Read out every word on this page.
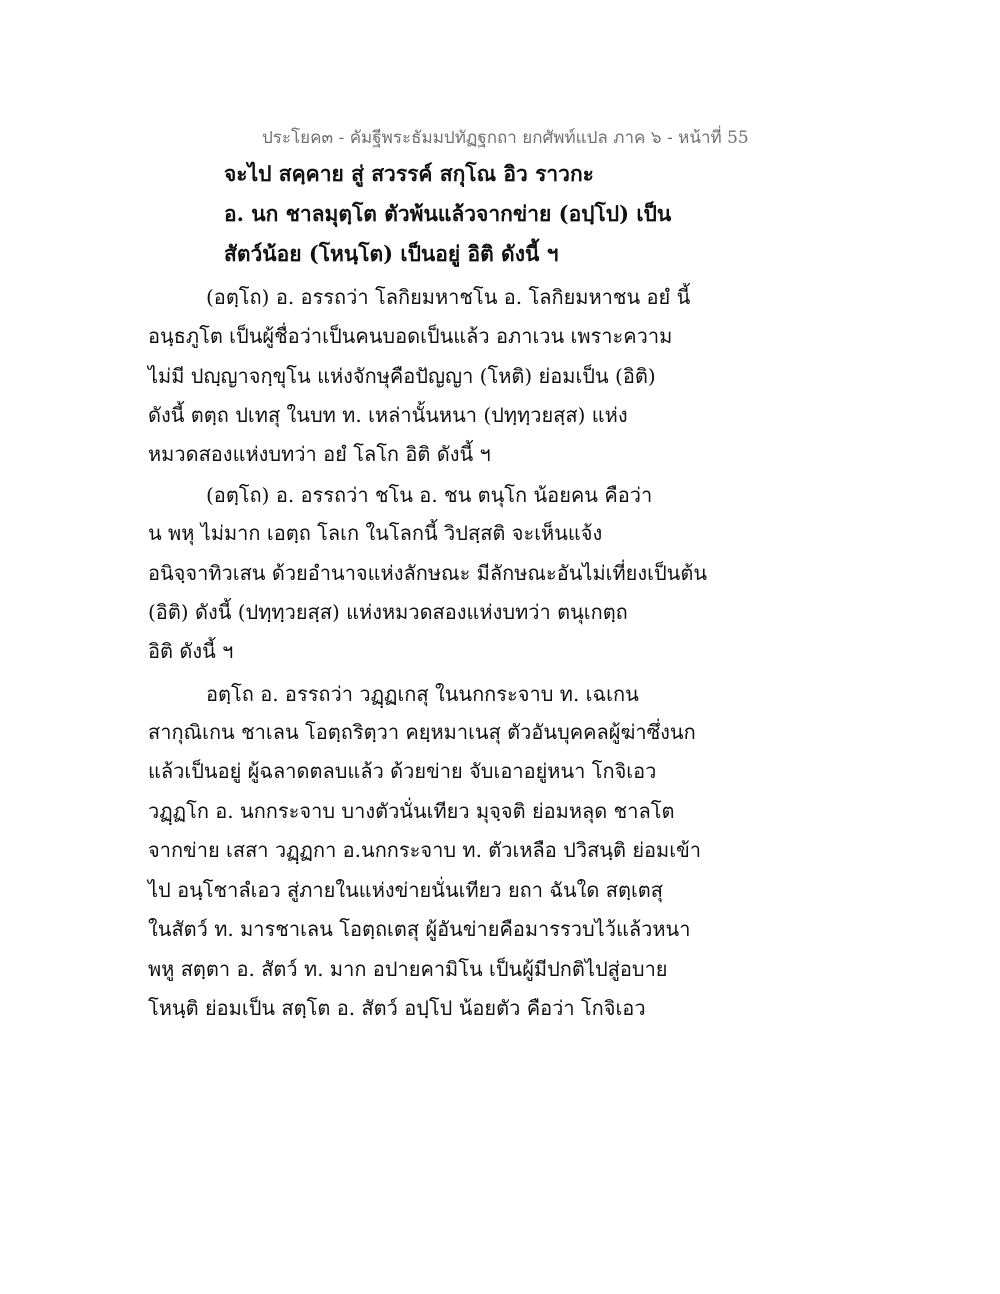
ประโยค๓ - คัมฐีพระธัมมปทัฏฐกถา ยกศัพท์แปล ภาค ๖ - หน้าที่ 55
จะไป สคฺคาย สู่ สวรรค์ สกุโณ อิว ราวกะ
อ. นก ชาลมุตฺโต ตัวพ้นแล้วจากข่าย (อปฺโป) เป็น
สัตว์น้อย (โหนฺโต) เป็นอยู่ อิติ ดังนี้ ฯ
(อตฺโถ) อ. อรรถว่า โลกิยมหาชโน อ. โลกิยมหาชน อยํ นี้
อนฺธภูโต เป็นผู้ชื่อว่าเป็นคนบอดเป็นแล้ว อภาเวน เพราะความ
ไม่มี ปญฺญาจกฺขุโน แห่งจักษุคือปัญญา (โหติ) ย่อมเป็น (อิติ)
ดังนี้ ตตฺถ ปเทสุ ในบท ท. เหล่านั้นหนา (ปทฺทฺวยสฺส) แห่ง
หมวดสองแห่งบทว่า อยํ โลโก อิติ ดังนี้ ฯ
(อตฺโถ) อ. อรรถว่า ชโน อ. ชน ตนุโก น้อยคน คือว่า
น พหุ ไม่มาก เอตฺถ โลเก ในโลกนี้ วิปสฺสติ จะเห็นแจ้ง
อนิจฺจาทิวเสน ด้วยอำนาจแห่งลักษณะ มีลักษณะอันไม่เที่ยงเป็นต้น
(อิติ) ดังนี้ (ปทฺทฺวยสฺส) แห่งหมวดสองแห่งบทว่า ตนุเกตฺถ
อิติ ดังนี้ ฯ
อตฺโถ อ. อรรถว่า วฏฺฏเกสุ ในนกกระจาบ ท. เฉเกน
สากุณิเกน ชาเลน โอตฺถริตฺวา คยฺหมาเนสุ ตัวอันบุคคลผู้ฆ่าซึ่งนก
แล้วเป็นอยู่ ผู้ฉลาดตลบแล้ว ด้วยข่าย จับเอาอยู่หนา โกจิเอว
วฏฺฏโก อ. นกกระจาบ บางตัวนั่นเทียว มุจฺจติ ย่อมหลุด ชาลโต
จากข่าย เสสา วฏฺฏกา อ.นกกระจาบ ท. ตัวเหลือ ปวิสนฺติ ย่อมเข้า
ไป อนฺโชาลํเอว สู่ภายในแห่งข่ายนั่นเทียว ยถา ฉันใด สตฺเตสุ
ในสัตว์ ท. มารชาเลน โอตฺถเตสุ ผู้อันข่ายคือมารรวบไว้แล้วหนา
พหู สตฺตา อ. สัตว์ ท. มาก อปายคามิโน เป็นผู้มีปกติไปสู่อบาย
โหนฺติ ย่อมเป็น สตฺโต อ. สัตว์ อปฺโป น้อยตัว คือว่า โกจิเอว
